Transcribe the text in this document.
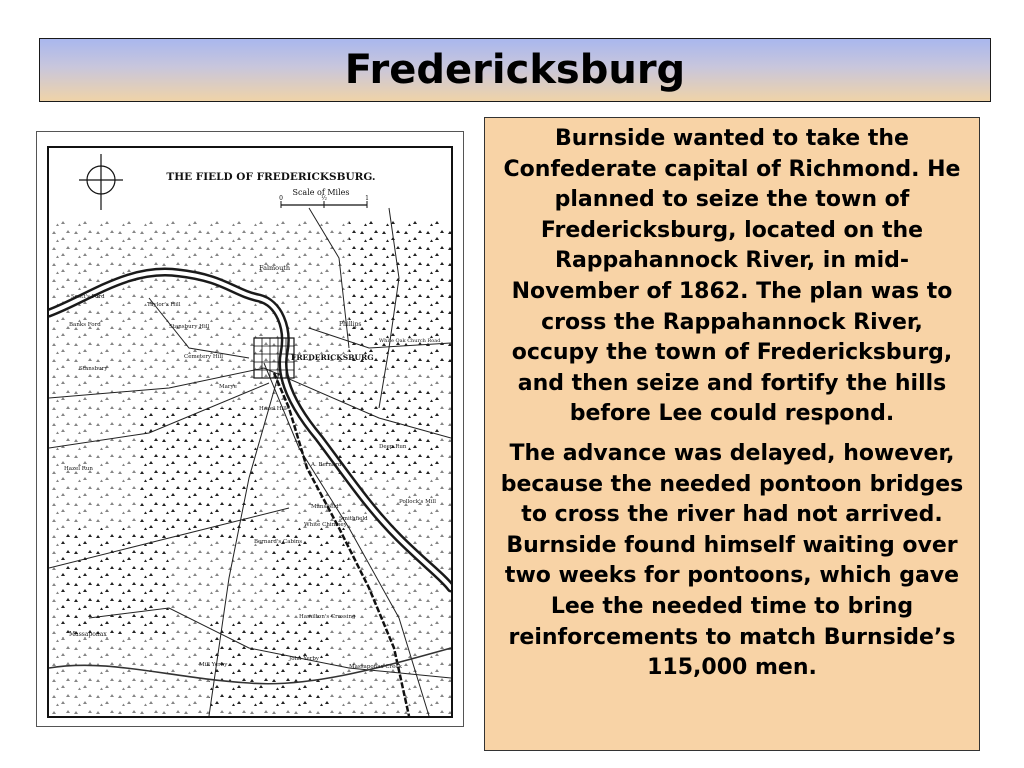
Fredericksburg
THE FIELD OF FREDERICKSBURG.
Scale of Miles
0	½	1
FREDERICKSBURG
Falmouth
Phillips
White Oak Church Road
Stansbury
Cemetery Hill
Stansbury Hill
Taylor's Hill
Scott's Ford
Banks Ford
Marye
Hazel Hill
Hazel Run
A. Bernard
Mansfield
Smithfield
White Chimney
Bernard's Cabins
Hamilton's Crossing
Massaponax
Massaponax Creek
Pollock's Mill
John Yerby
Mill Yerby
Deep Run

Burnside wanted to take the Confederate capital of Richmond. He planned to seize the town of Fredericksburg, located on the Rappahannock River, in mid-November of 1862. The plan was to cross the Rappahannock River, occupy the town of Fredericksburg, and then seize and fortify the hills before Lee could respond.

The advance was delayed, however, because the needed pontoon bridges to cross the river had not arrived. Burnside found himself waiting over two weeks for pontoons, which gave Lee the needed time to bring reinforcements to match Burnside’s 115,000 men.
